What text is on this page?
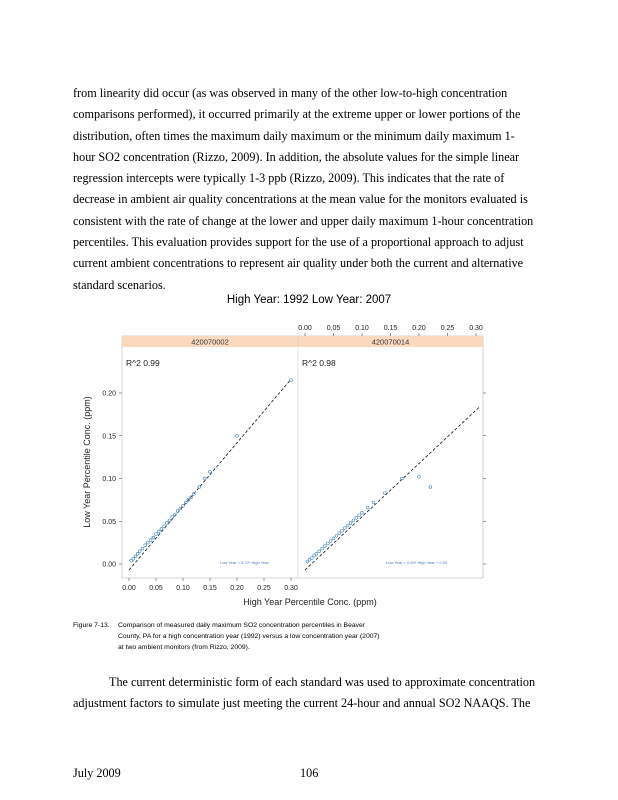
from linearity did occur (as was observed in many of the other low-to-high concentration
comparisons performed), it occurred primarily at the extreme upper or lower portions of the
distribution, often times the maximum daily maximum or the minimum daily maximum 1-
hour SO2 concentration (Rizzo, 2009). In addition, the absolute values for the simple linear
regression intercepts were typically 1-3 ppb (Rizzo, 2009). This indicates that the rate of
decrease in ambient air quality concentrations at the mean value for the monitors evaluated is
consistent with the rate of change at the lower and upper daily maximum 1-hour concentration
percentiles. This evaluation provides support for the use of a proportional approach to adjust
current ambient concentrations to represent air quality under both the current and alternative
standard scenarios.
High Year: 1992 Low Year: 2007
420070002
R^2 0.99
Low Year = 0.72* High Year
420070014
R^2 0.98
Low Year = 0.60* High Year + 0.00
0.00 0.05 0.10 0.15 0.20 0.25 0.30
0.00 0.05 0.10 0.15 0.20 0.25 0.30
0.00
0.05
0.10
0.15
0.20
High Year Percentile Conc. (ppm)
Low Year Percentile Conc. (ppm)
Figure 7-13.	Comparison of measured daily maximum SO2 concentration percentiles in Beaver
County, PA for a high concentration year (1992) versus a low concentration year (2007)
at two ambient monitors (from Rizzo, 2009).
The current deterministic form of each standard was used to approximate concentration
adjustment factors to simulate just meeting the current 24-hour and annual SO2 NAAQS. The
July 2009	106
